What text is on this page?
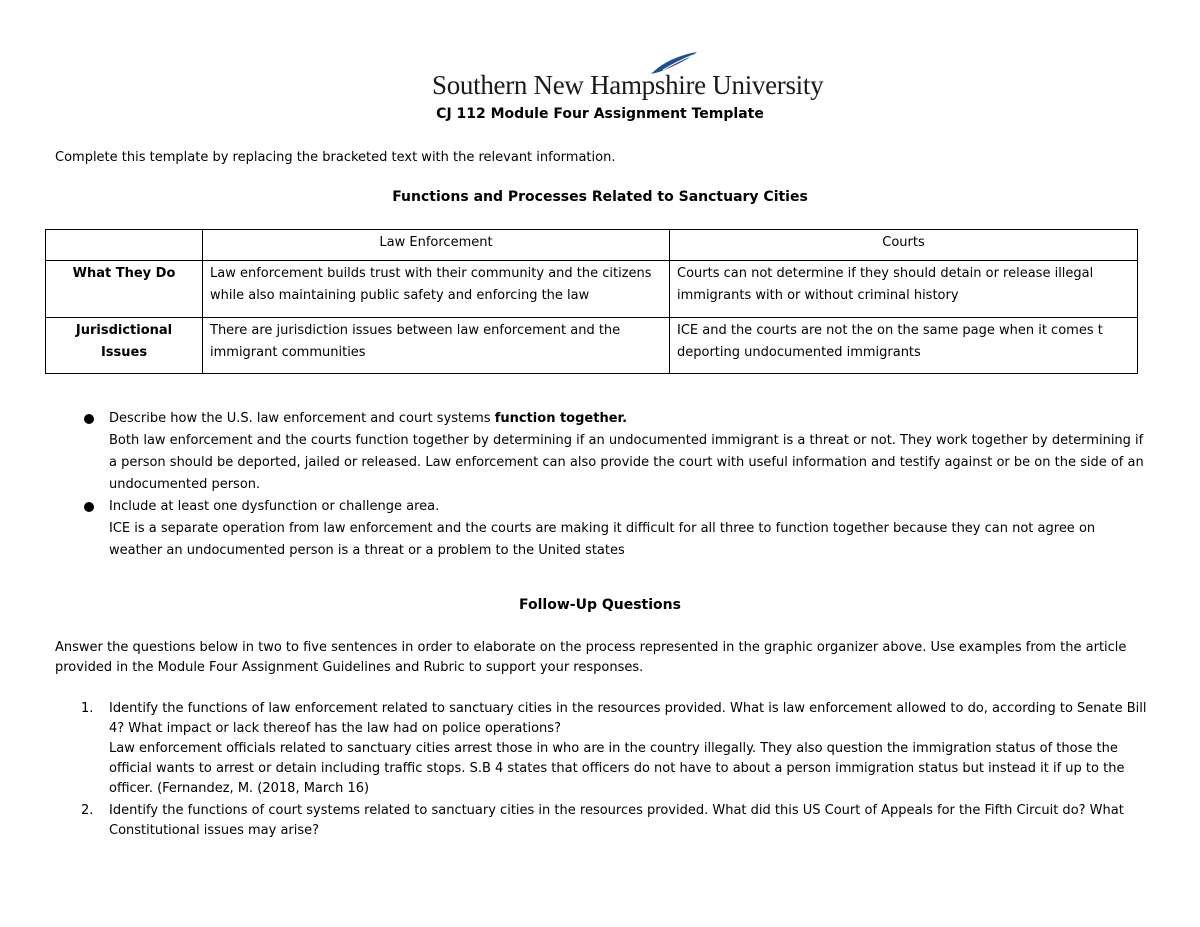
Southern New Hampshire University
CJ 112 Module Four Assignment Template
Complete this template by replacing the bracketed text with the relevant information.
Functions and Processes Related to Sanctuary Cities
	Law Enforcement	Courts
What They Do	Law enforcement builds trust with their community and the citizens while also maintaining public safety and enforcing the law	Courts can not determine if they should detain or release illegal immigrants with or without criminal history
Jurisdictional Issues	There are jurisdiction issues between law enforcement and the immigrant communities	ICE and the courts are not the on the same page when it comes t deporting undocumented immigrants
Describe how the U.S. law enforcement and court systems function together.
Both law enforcement and the courts function together by determining if an undocumented immigrant is a threat or not. They work together by determining if a person should be deported, jailed or released. Law enforcement can also provide the court with useful information and testify against or be on the side of an undocumented person.
Include at least one dysfunction or challenge area.
ICE is a separate operation from law enforcement and the courts are making it difficult for all three to function together because they can not agree on weather an undocumented person is a threat or a problem to the United states
Follow-Up Questions
Answer the questions below in two to five sentences in order to elaborate on the process represented in the graphic organizer above. Use examples from the article provided in the Module Four Assignment Guidelines and Rubric to support your responses.
1. Identify the functions of law enforcement related to sanctuary cities in the resources provided. What is law enforcement allowed to do, according to Senate Bill 4? What impact or lack thereof has the law had on police operations?
Law enforcement officials related to sanctuary cities arrest those in who are in the country illegally. They also question the immigration status of those the official wants to arrest or detain including traffic stops. S.B 4 states that officers do not have to about a person immigration status but instead it if up to the officer. (Fernandez, M. (2018, March 16)
2. Identify the functions of court systems related to sanctuary cities in the resources provided. What did this US Court of Appeals for the Fifth Circuit do? What Constitutional issues may arise?
